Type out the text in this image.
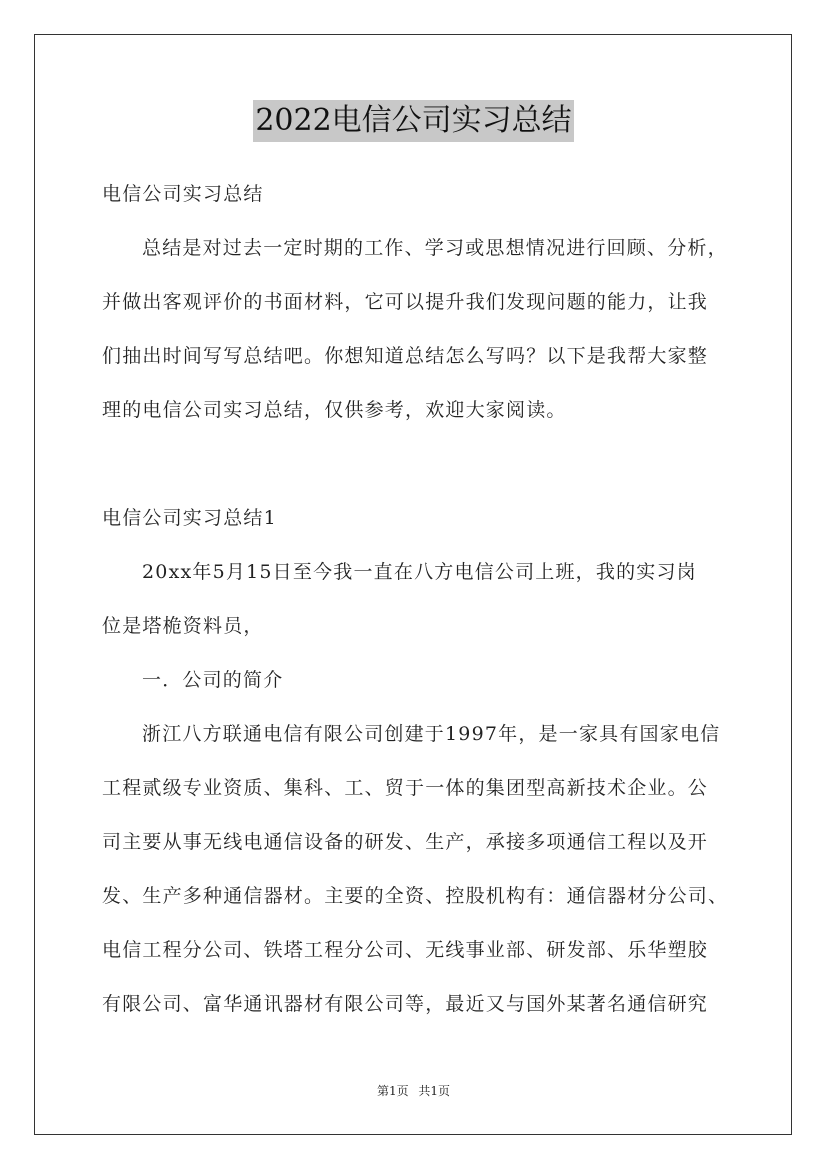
2022电信公司实习总结
电信公司实习总结
总结是对过去一定时期的工作、学习或思想情况进行回顾、分析，
并做出客观评价的书面材料，它可以提升我们发现问题的能力，让我
们抽出时间写写总结吧。你想知道总结怎么写吗？以下是我帮大家整
理的电信公司实习总结，仅供参考，欢迎大家阅读。
电信公司实习总结1
20xx年5月15日至今我一直在八方电信公司上班，我的实习岗
位是塔桅资料员，
一．公司的简介
浙江八方联通电信有限公司创建于1997年，是一家具有国家电信
工程贰级专业资质、集科、工、贸于一体的集团型高新技术企业。公
司主要从事无线电通信设备的研发、生产，承接多项通信工程以及开
发、生产多种通信器材。主要的全资、控股机构有：通信器材分公司、
电信工程分公司、铁塔工程分公司、无线事业部、研发部、乐华塑胶
有限公司、富华通讯器材有限公司等，最近又与国外某著名通信研究
第1页 共1页
